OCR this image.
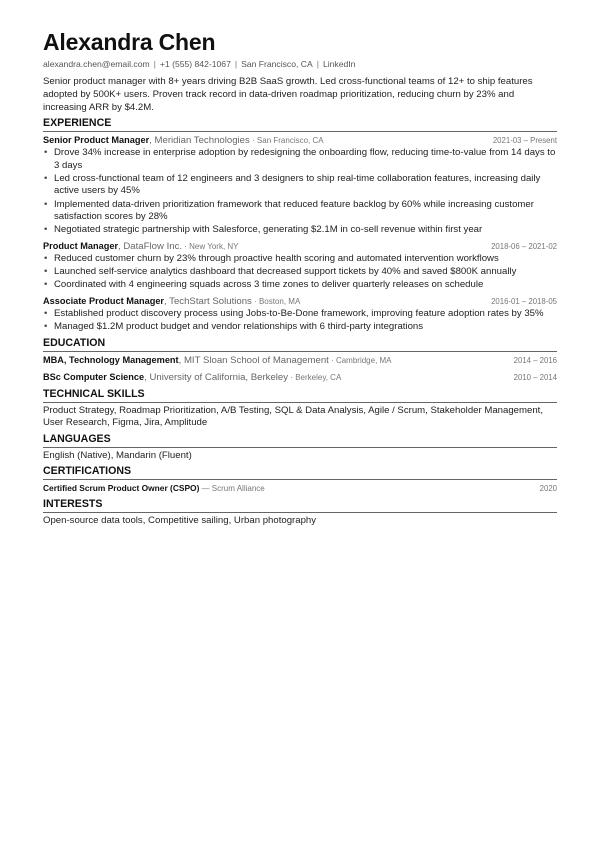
Alexandra Chen
alexandra.chen@email.com | +1 (555) 842-1067 | San Francisco, CA | LinkedIn

Senior product manager with 8+ years driving B2B SaaS growth. Led cross-functional teams of 12+ to ship features adopted by 500K+ users. Proven track record in data-driven roadmap prioritization, reducing churn by 23% and increasing ARR by $4.2M.

EXPERIENCE
Senior Product Manager, Meridian Technologies · San Francisco, CA	2021-03 – Present
• Drove 34% increase in enterprise adoption by redesigning the onboarding flow, reducing time-to-value from 14 days to 3 days
• Led cross-functional team of 12 engineers and 3 designers to ship real-time collaboration features, increasing daily active users by 45%
• Implemented data-driven prioritization framework that reduced feature backlog by 60% while increasing customer satisfaction scores by 28%
• Negotiated strategic partnership with Salesforce, generating $2.1M in co-sell revenue within first year
Product Manager, DataFlow Inc. · New York, NY	2018-06 – 2021-02
• Reduced customer churn by 23% through proactive health scoring and automated intervention workflows
• Launched self-service analytics dashboard that decreased support tickets by 40% and saved $800K annually
• Coordinated with 4 engineering squads across 3 time zones to deliver quarterly releases on schedule
Associate Product Manager, TechStart Solutions · Boston, MA	2016-01 – 2018-05
• Established product discovery process using Jobs-to-Be-Done framework, improving feature adoption rates by 35%
• Managed $1.2M product budget and vendor relationships with 6 third-party integrations
EDUCATION
MBA, Technology Management, MIT Sloan School of Management · Cambridge, MA	2014 – 2016
BSc Computer Science, University of California, Berkeley · Berkeley, CA	2010 – 2014
TECHNICAL SKILLS

Product Strategy, Roadmap Prioritization, A/B Testing, SQL & Data Analysis, Agile / Scrum, Stakeholder Management, User Research, Figma, Jira, Amplitude

LANGUAGES

English (Native), Mandarin (Fluent)

CERTIFICATIONS
Certified Scrum Product Owner (CSPO) — Scrum Alliance	2020
INTERESTS

Open-source data tools, Competitive sailing, Urban photography
